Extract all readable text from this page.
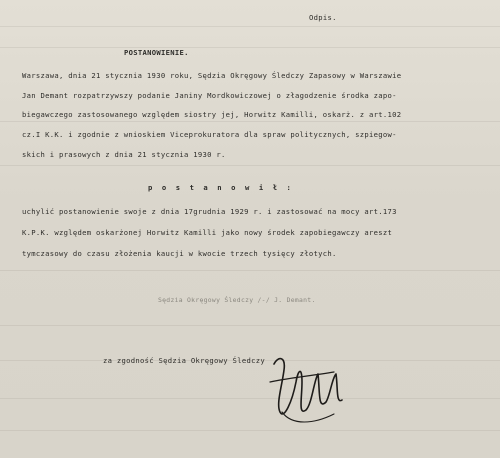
Odpis.
POSTANOWIENIE.
Warszawa, dnia 21 stycznia 1930 roku, Sędzia Okręgowy Śledczy Zapasowy w Warszawie
Jan Demant rozpatrzywszy podanie Janiny Mordkowiczowej o złagodzenie środka zapo-
biegawczego zastosowanego względem siostry jej, Horwitz Kamilli, oskarż. z art.102
cz.I K.K. i zgodnie z wnioskiem Viceprokuratora dla spraw politycznych, szpiegow-
skich i prasowych z dnia 21 stycznia 1930 r.
p o s t a n o w i ł :
uchylić postanowienie swoje z dnia 17grudnia 1929 r. i zastosować na mocy art.173
K.P.K. względem oskarżonej Horwitz Kamilli jako nowy środek zapobiegawczy areszt
tymczasowy do czasu złożenia kaucji w kwocie trzech tysięcy złotych.
Sędzia Okręgowy Śledczy /-/ J. Demant.
za zgodność Sędzia Okręgowy Śledczy
